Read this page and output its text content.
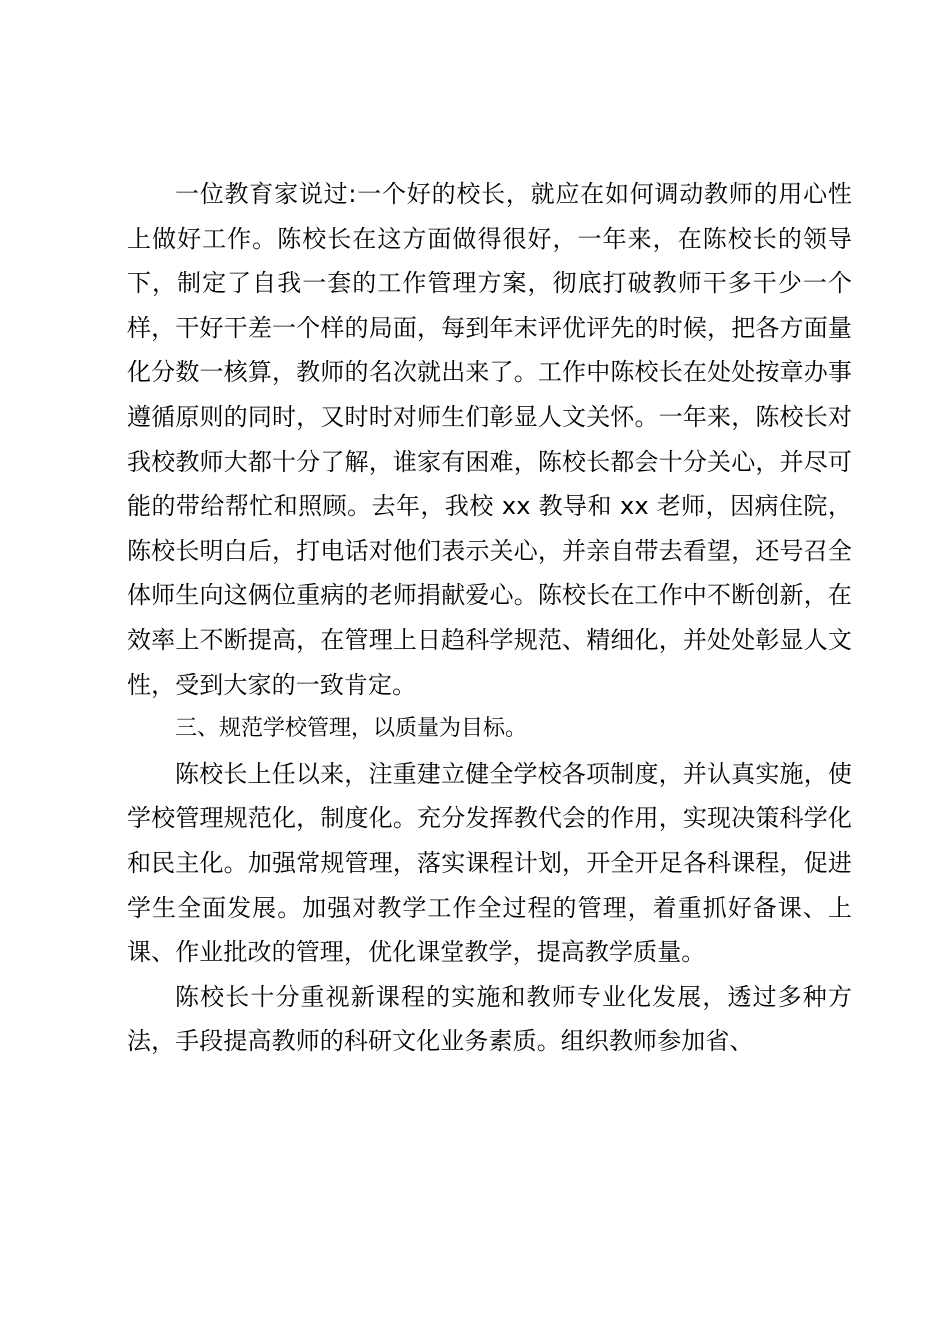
一位教育家说过:一个好的校长，就应在如何调动教师的用心性上做好工作。陈校长在这方面做得很好，一年来，在陈校长的领导下，制定了自我一套的工作管理方案，彻底打破教师干多干少一个样，干好干差一个样的局面，每到年末评优评先的时候，把各方面量化分数一核算，教师的名次就出来了。工作中陈校长在处处按章办事遵循原则的同时，又时时对师生们彰显人文关怀。一年来，陈校长对我校教师大都十分了解，谁家有困难，陈校长都会十分关心，并尽可能的带给帮忙和照顾。去年，我校 xx 教导和 xx 老师，因病住院，陈校长明白后，打电话对他们表示关心，并亲自带去看望，还号召全体师生向这俩位重病的老师捐献爱心。陈校长在工作中不断创新，在效率上不断提高，在管理上日趋科学规范、精细化，并处处彰显人文性，受到大家的一致肯定。

三、规范学校管理，以质量为目标。

陈校长上任以来，注重建立健全学校各项制度，并认真实施，使学校管理规范化，制度化。充分发挥教代会的作用，实现决策科学化和民主化。加强常规管理，落实课程计划，开全开足各科课程，促进学生全面发展。加强对教学工作全过程的管理，着重抓好备课、上课、作业批改的管理，优化课堂教学，提高教学质量。

陈校长十分重视新课程的实施和教师专业化发展，透过多种方法，手段提高教师的科研文化业务素质。组织教师参加省、
